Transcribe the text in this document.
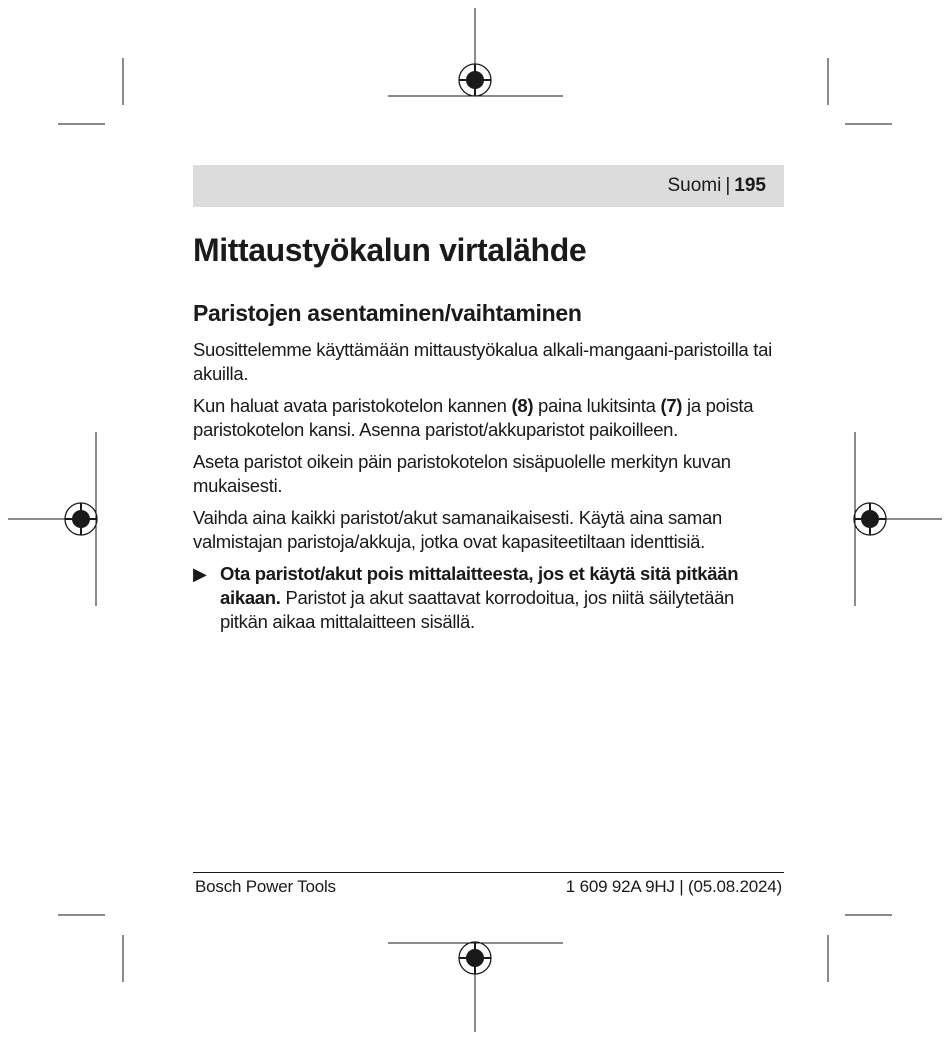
Suomi | 195
Mittaustyökalun virtalähde
Paristojen asentaminen/vaihtaminen

Suosittelemme käyttämään mittaustyökalua alkali-mangaani-paristoilla tai akuilla.

Kun haluat avata paristokotelon kannen (8) paina lukitsinta (7) ja poista paristokotelon kansi. Asenna paristot/akkuparistot paikoilleen.

Aseta paristot oikein päin paristokotelon sisäpuolelle merkityn kuvan mukaisesti.

Vaihda aina kaikki paristot/akut samanaikaisesti. Käytä aina saman valmistajan paristoja/akkuja, jotka ovat kapasiteetiltaan identtisiä.

▶ Ota paristot/akut pois mittalaitteesta, jos et käytä sitä pitkään aikaan. Paristot ja akut saattavat korrodoitua, jos niitä säilytetään pitkän aikaa mittalaitteen sisällä.
Bosch Power Tools	1 609 92A 9HJ | (05.08.2024)
